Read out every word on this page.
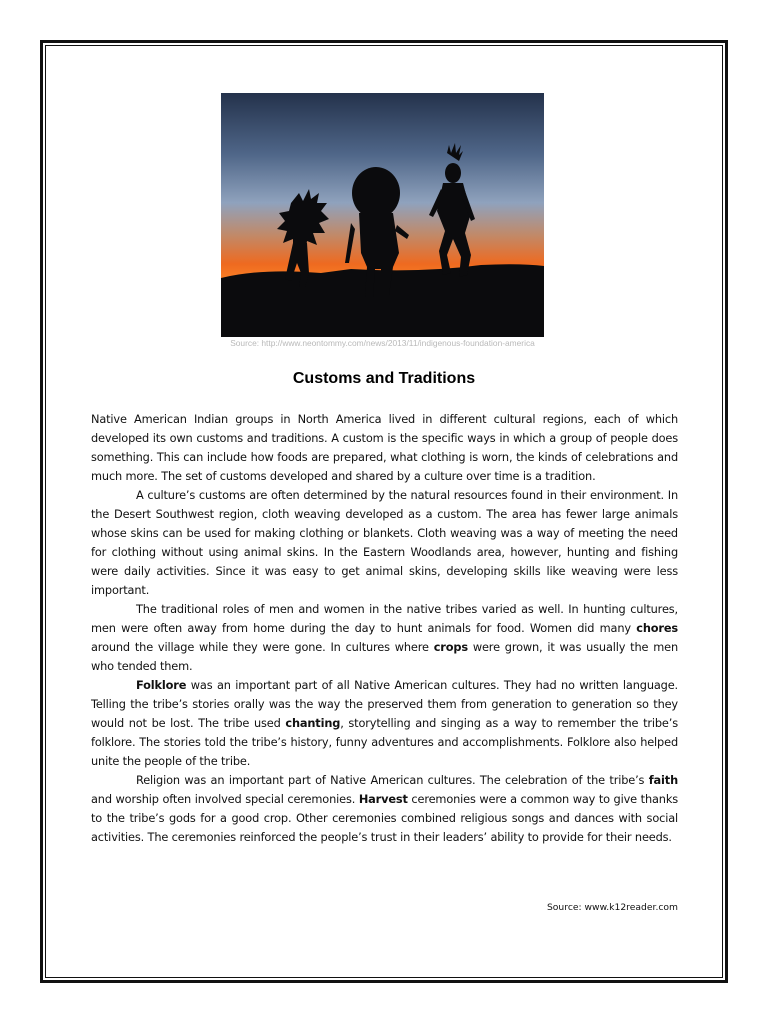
Source: http://www.neontommy.com/news/2013/11/indigenous-foundation-america
Customs and Traditions

Native American Indian groups in North America lived in different cultural regions, each of which developed its own customs and traditions. A custom is the specific ways in which a group of people does something. This can include how foods are prepared, what clothing is worn, the kinds of celebrations and much more. The set of customs developed and shared by a culture over time is a tradition.

A culture’s customs are often determined by the natural resources found in their environment. In the Desert Southwest region, cloth weaving developed as a custom. The area has fewer large animals whose skins can be used for making clothing or blankets. Cloth weaving was a way of meeting the need for clothing without using animal skins. In the Eastern Woodlands area, however, hunting and fishing were daily activities. Since it was easy to get animal skins, developing skills like weaving were less important.

The traditional roles of men and women in the native tribes varied as well. In hunting cultures, men were often away from home during the day to hunt animals for food. Women did many chores around the village while they were gone. In cultures where crops were grown, it was usually the men who tended them.

Folklore was an important part of all Native American cultures. They had no written language. Telling the tribe’s stories orally was the way the preserved them from generation to generation so they would not be lost. The tribe used chanting, storytelling and singing as a way to remember the tribe’s folklore. The stories told the tribe’s history, funny adventures and accomplishments. Folklore also helped unite the people of the tribe.

Religion was an important part of Native American cultures. The celebration of the tribe’s faith and worship often involved special ceremonies. Harvest ceremonies were a common way to give thanks to the tribe’s gods for a good crop. Other ceremonies combined religious songs and dances with social activities. The ceremonies reinforced the people’s trust in their leaders’ ability to provide for their needs.

Source: www.k12reader.com
